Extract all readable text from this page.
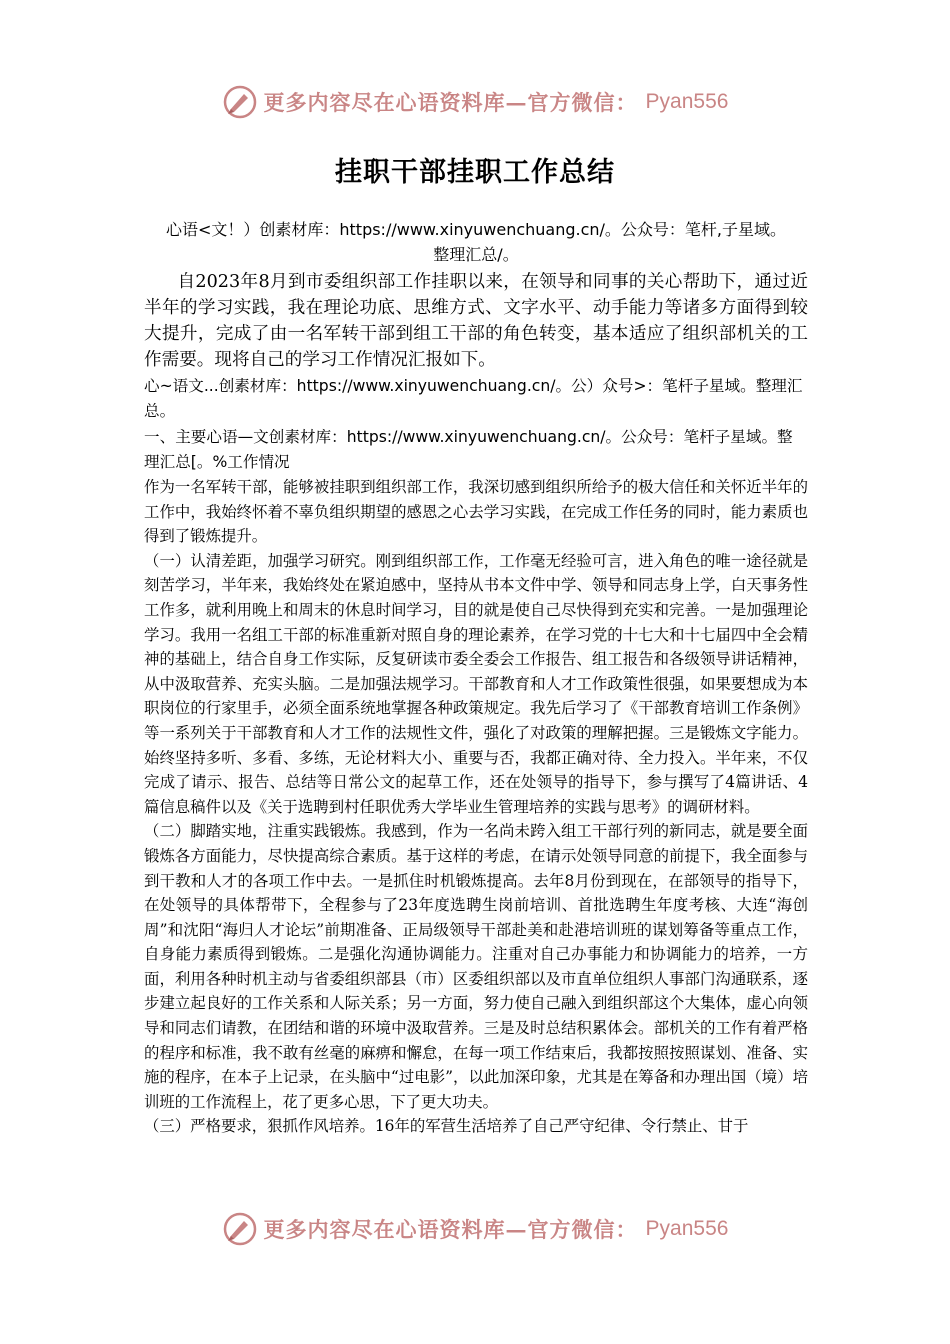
更多内容尽在心语资料库—官方微信： Pyan556
挂职干部挂职工作总结
心语<文！）创素材库：https://www.xinyuwenchuang.cn/。公众号：笔杆,子星域。
整理汇总/。
自2023年8月到市委组织部工作挂职以来，在领导和同事的关心帮助下，通过近半年的学习实践，我在理论功底、思维方式、文字水平、动手能力等诸多方面得到较大提升，完成了由一名军转干部到组工干部的角色转变，基本适应了组织部机关的工作需要。现将自己的学习工作情况汇报如下。
心~语文...创素材库：https://www.xinyuwenchuang.cn/。公）众号>：笔杆子星域。整理汇总。
一、主要心语—文创素材库：https://www.xinyuwenchuang.cn/。公众号：笔杆子星域。整理汇总[。%工作情况
作为一名军转干部，能够被挂职到组织部工作，我深切感到组织所给予的极大信任和关怀近半年的工作中，我始终怀着不辜负组织期望的感恩之心去学习实践，在完成工作任务的同时，能力素质也得到了锻炼提升。
（一）认清差距，加强学习研究。刚到组织部工作，工作毫无经验可言，进入角色的唯一途径就是刻苦学习，半年来，我始终处在紧迫感中，坚持从书本文件中学、领导和同志身上学，白天事务性工作多，就利用晚上和周末的休息时间学习，目的就是使自己尽快得到充实和完善。一是加强理论学习。我用一名组工干部的标准重新对照自身的理论素养，在学习党的十七大和十七届四中全会精神的基础上，结合自身工作实际，反复研读市委全委会工作报告、组工报告和各级领导讲话精神，从中汲取营养、充实头脑。二是加强法规学习。干部教育和人才工作政策性很强，如果要想成为本职岗位的行家里手，必须全面系统地掌握各种政策规定。我先后学习了《干部教育培训工作条例》等一系列关于干部教育和人才工作的法规性文件，强化了对政策的理解把握。三是锻炼文字能力。始终坚持多听、多看、多练，无论材料大小、重要与否，我都正确对待、全力投入。半年来，不仅完成了请示、报告、总结等日常公文的起草工作，还在处领导的指导下，参与撰写了4篇讲话、4篇信息稿件以及《关于选聘到村任职优秀大学毕业生管理培养的实践与思考》的调研材料。
（二）脚踏实地，注重实践锻炼。我感到，作为一名尚未跨入组工干部行列的新同志，就是要全面锻炼各方面能力，尽快提高综合素质。基于这样的考虑，在请示处领导同意的前提下，我全面参与到干教和人才的各项工作中去。一是抓住时机锻炼提高。去年8月份到现在，在部领导的指导下，在处领导的具体帮带下，全程参与了23年度选聘生岗前培训、首批选聘生年度考核、大连“海创周”和沈阳“海归人才论坛”前期准备、正局级领导干部赴美和赴港培训班的谋划筹备等重点工作，自身能力素质得到锻炼。二是强化沟通协调能力。注重对自己办事能力和协调能力的培养，一方面，利用各种时机主动与省委组织部县（市）区委组织部以及市直单位组织人事部门沟通联系，逐步建立起良好的工作关系和人际关系；另一方面，努力使自己融入到组织部这个大集体，虚心向领导和同志们请教，在团结和谐的环境中汲取营养。三是及时总结积累体会。部机关的工作有着严格的程序和标准，我不敢有丝毫的麻痹和懈怠，在每一项工作结束后，我都按照按照谋划、准备、实施的程序，在本子上记录，在头脑中“过电影”，以此加深印象，尤其是在筹备和办理出国（境）培训班的工作流程上，花了更多心思，下了更大功夫。
（三）严格要求，狠抓作风培养。16年的军营生活培养了自己严守纪律、令行禁止、甘于
更多内容尽在心语资料库—官方微信： Pyan556
